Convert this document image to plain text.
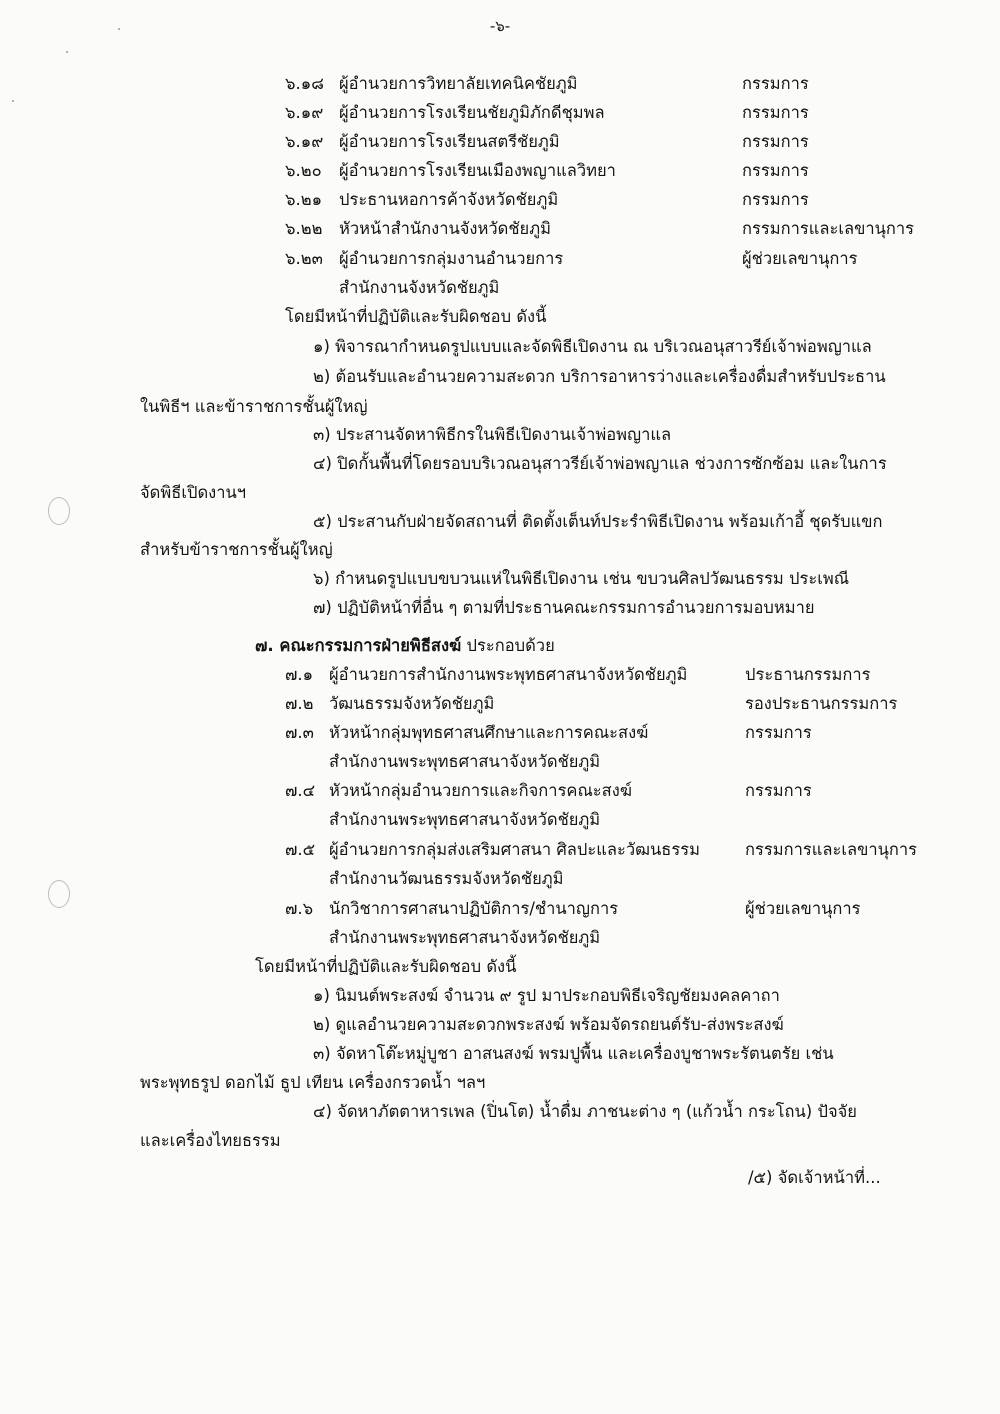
-๖-
๖.๑๘ ผู้อำนวยการวิทยาลัยเทคนิคชัยภูมิ	กรรมการ
๖.๑๙ ผู้อำนวยการโรงเรียนชัยภูมิภักดีชุมพล	กรรมการ
๖.๑๙ ผู้อำนวยการโรงเรียนสตรีชัยภูมิ	กรรมการ
๖.๒๐ ผู้อำนวยการโรงเรียนเมืองพญาแลวิทยา	กรรมการ
๖.๒๑ ประธานหอการค้าจังหวัดชัยภูมิ	กรรมการ
๖.๒๒ หัวหน้าสำนักงานจังหวัดชัยภูมิ	กรรมการและเลขานุการ
๖.๒๓ ผู้อำนวยการกลุ่มงานอำนวยการ	ผู้ช่วยเลขานุการ
สำนักงานจังหวัดชัยภูมิ
โดยมีหน้าที่ปฏิบัติและรับผิดชอบ ดังนี้
๑) พิจารณากำหนดรูปแบบและจัดพิธีเปิดงาน ณ บริเวณอนุสาวรีย์เจ้าพ่อพญาแล
๒) ต้อนรับและอำนวยความสะดวก บริการอาหารว่างและเครื่องดื่มสำหรับประธาน
ในพิธีฯ และข้าราชการชั้นผู้ใหญ่
๓) ประสานจัดหาพิธีกรในพิธีเปิดงานเจ้าพ่อพญาแล
๔) ปิดกั้นพื้นที่โดยรอบบริเวณอนุสาวรีย์เจ้าพ่อพญาแล ช่วงการซักซ้อม และในการ
จัดพิธีเปิดงานฯ
๕) ประสานกับฝ่ายจัดสถานที่ ติดตั้งเต็นท์ประรำพิธีเปิดงาน พร้อมเก้าอี้ ชุดรับแขก
สำหรับข้าราชการชั้นผู้ใหญ่
๖) กำหนดรูปแบบขบวนแห่ในพิธีเปิดงาน เช่น ขบวนศิลปวัฒนธรรม ประเพณี
๗) ปฏิบัติหน้าที่อื่น ๆ ตามที่ประธานคณะกรรมการอำนวยการมอบหมาย
๗. คณะกรรมการฝ่ายพิธีสงฆ์ ประกอบด้วย
๗.๑ ผู้อำนวยการสำนักงานพระพุทธศาสนาจังหวัดชัยภูมิ	ประธานกรรมการ
๗.๒ วัฒนธรรมจังหวัดชัยภูมิ	รองประธานกรรมการ
๗.๓ หัวหน้ากลุ่มพุทธศาสนศึกษาและการคณะสงฆ์	กรรมการ
สำนักงานพระพุทธศาสนาจังหวัดชัยภูมิ
๗.๔ หัวหน้ากลุ่มอำนวยการและกิจการคณะสงฆ์	กรรมการ
สำนักงานพระพุทธศาสนาจังหวัดชัยภูมิ
๗.๕ ผู้อำนวยการกลุ่มส่งเสริมศาสนา ศิลปะและวัฒนธรรม	กรรมการและเลขานุการ
สำนักงานวัฒนธรรมจังหวัดชัยภูมิ
๗.๖ นักวิชาการศาสนาปฏิบัติการ/ชำนาญการ	ผู้ช่วยเลขานุการ
สำนักงานพระพุทธศาสนาจังหวัดชัยภูมิ
โดยมีหน้าที่ปฏิบัติและรับผิดชอบ ดังนี้
๑) นิมนต์พระสงฆ์ จำนวน ๙ รูป มาประกอบพิธีเจริญชัยมงคลคาถา
๒) ดูแลอำนวยความสะดวกพระสงฆ์ พร้อมจัดรถยนต์รับ-ส่งพระสงฆ์
๓) จัดหาโต๊ะหมู่บูชา อาสนสงฆ์ พรมปูพื้น และเครื่องบูชาพระรัตนตรัย เช่น
พระพุทธรูป ดอกไม้ ธูป เทียน เครื่องกรวดน้ำ ฯลฯ
๔) จัดหาภัตตาหารเพล (ปิ่นโต) น้ำดื่ม ภาชนะต่าง ๆ (แก้วน้ำ กระโถน) ปัจจัย
และเครื่องไทยธรรม
/๕) จัดเจ้าหน้าที่...
